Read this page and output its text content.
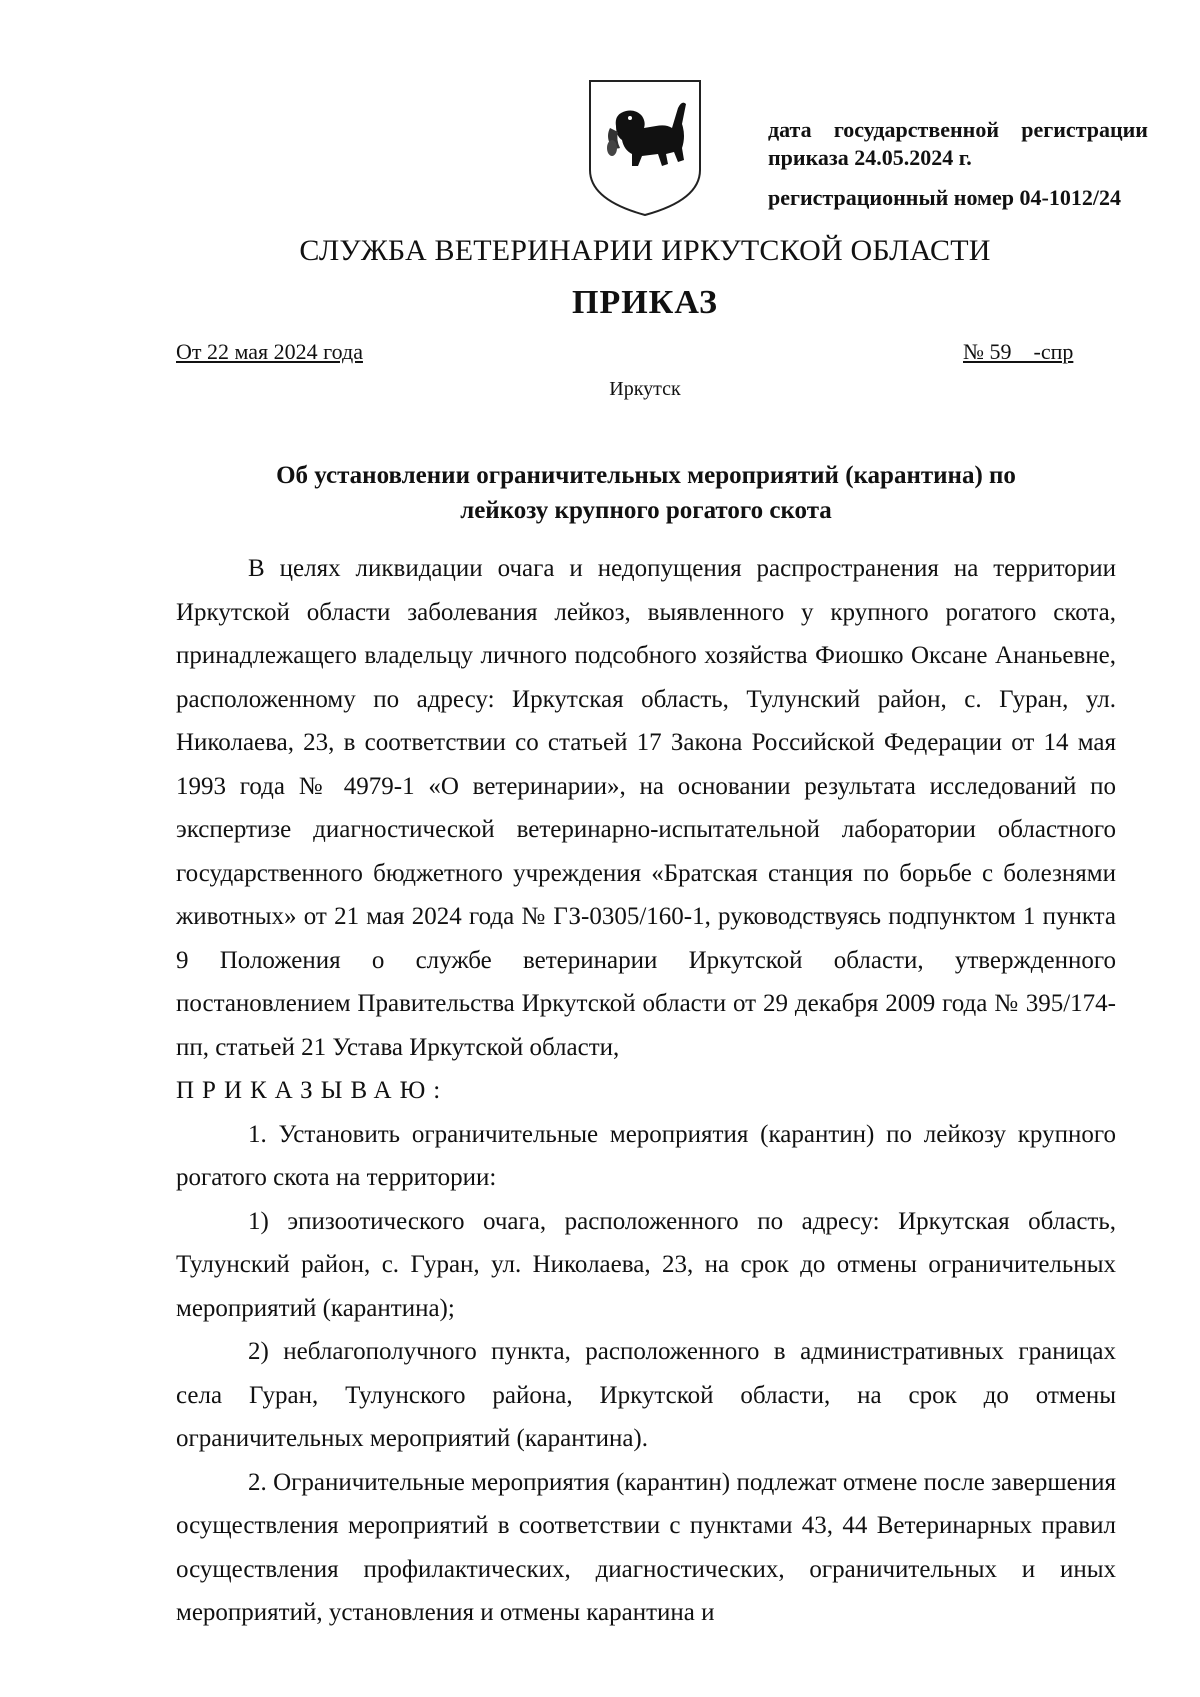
дата государственной регистрации
приказа 24.05.2024 г.
регистрационный номер 04-1012/24
СЛУЖБА ВЕТЕРИНАРИИ ИРКУТСКОЙ ОБЛАСТИ
ПРИКАЗ
От 22 мая 2024 года	№ 59    -спр
Иркутск
Об установлении ограничительных мероприятий (карантина) по
лейкозу крупного рогатого скота

В целях ликвидации очага и недопущения распространения на территории Иркутской области заболевания лейкоз, выявленного у крупного рогатого скота, принадлежащего владельцу личного подсобного хозяйства Фиошко Оксане Ананьевне, расположенному по адресу: Иркутская область, Тулунский район, с. Гуран, ул. Николаева, 23, в соответствии со статьей 17 Закона Российской Федерации от 14 мая 1993 года № 4979-1 «О ветеринарии», на основании результата исследований по экспертизе диагностической ветеринарно-испытательной лаборатории областного государственного бюджетного учреждения «Братская станция по борьбе с болезнями животных» от 21 мая 2024 года № ГЗ-0305/160-1, руководствуясь подпунктом 1 пункта 9 Положения о службе ветеринарии Иркутской области, утвержденного постановлением Правительства Иркутской области от 29 декабря 2009 года № 395/174-пп, статьей 21 Устава Иркутской области,

ПРИКАЗЫВАЮ:

1. Установить ограничительные мероприятия (карантин) по лейкозу крупного рогатого скота на территории:

1) эпизоотического очага, расположенного по адресу: Иркутская область, Тулунский район, с. Гуран, ул. Николаева, 23, на срок до отмены ограничительных мероприятий (карантина);

2) неблагополучного пункта, расположенного в административных границах села Гуран, Тулунского района, Иркутской области, на срок до отмены ограничительных мероприятий (карантина).

2. Ограничительные мероприятия (карантин) подлежат отмене после завершения осуществления мероприятий в соответствии с пунктами 43, 44 Ветеринарных правил осуществления профилактических, диагностических, ограничительных и иных мероприятий, установления и отмены карантина и
